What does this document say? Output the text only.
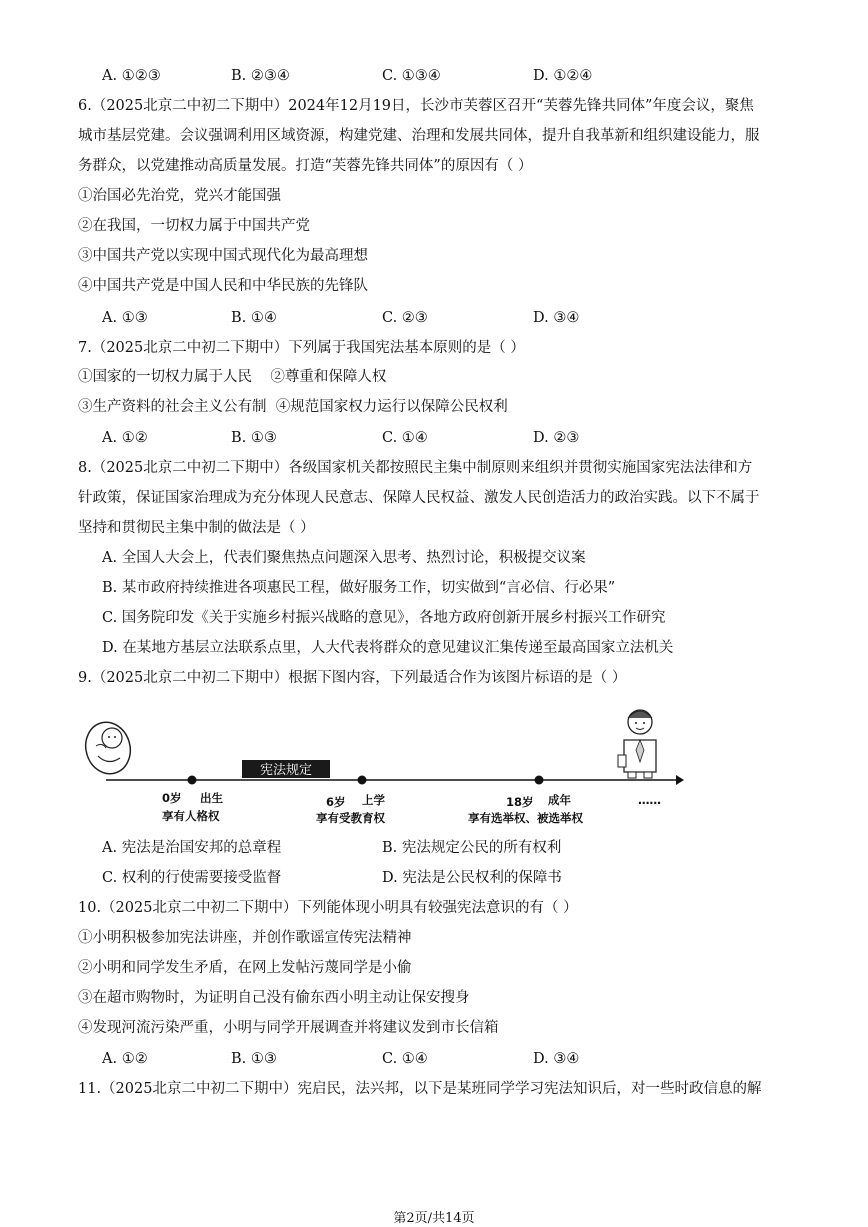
A. ①②③	B. ②③④	C. ①③④	D. ①②④
6.（2025北京二中初二下期中）2024年12月19日，长沙市芙蓉区召开“芙蓉先锋共同体”年度会议，聚焦
城市基层党建。会议强调利用区域资源，构建党建、治理和发展共同体，提升自我革新和组织建设能力，服
务群众，以党建推动高质量发展。打造“芙蓉先锋共同体”的原因有（ ）
①治国必先治党，党兴才能国强
②在我国，一切权力属于中国共产党
③中国共产党以实现中国式现代化为最高理想
④中国共产党是中国人民和中华民族的先锋队
A. ①③	B. ①④	C. ②③	D. ③④
7.（2025北京二中初二下期中）下列属于我国宪法基本原则的是（ ）
①国家的一切权力属于人民    ②尊重和保障人权
③生产资料的社会主义公有制  ④规范国家权力运行以保障公民权利
A. ①②	B. ①③	C. ①④	D. ②③
8.（2025北京二中初二下期中）各级国家机关都按照民主集中制原则来组织并贯彻实施国家宪法法律和方
针政策，保证国家治理成为充分体现人民意志、保障人民权益、激发人民创造活力的政治实践。以下不属于
坚持和贯彻民主集中制的做法是（ ）
A. 全国人大会上，代表们聚焦热点问题深入思考、热烈讨论，积极提交议案
B. 某市政府持续推进各项惠民工程，做好服务工作，切实做到“言必信、行必果”
C. 国务院印发《关于实施乡村振兴战略的意见》，各地方政府创新开展乡村振兴工作研究
D. 在某地方基层立法联系点里，人大代表将群众的意见建议汇集传递至最高国家立法机关
9.（2025北京二中初二下期中）根据下图内容，下列最适合作为该图片标语的是（ ）
宪法规定
0岁 出生
享有人格权
6岁 上学
享有受教育权
18岁 成年
享有选举权、被选举权
……
A. 宪法是治国安邦的总章程	B. 宪法规定公民的所有权利
C. 权利的行使需要接受监督	D. 宪法是公民权利的保障书
10.（2025北京二中初二下期中）下列能体现小明具有较强宪法意识的有（ ）
①小明积极参加宪法讲座，并创作歌谣宣传宪法精神
②小明和同学发生矛盾，在网上发帖污蔑同学是小偷
③在超市购物时，为证明自己没有偷东西小明主动让保安搜身
④发现河流污染严重，小明与同学开展调查并将建议发到市长信箱
A. ①②	B. ①③	C. ①④	D. ③④
11.（2025北京二中初二下期中）宪启民，法兴邦，以下是某班同学学习宪法知识后，对一些时政信息的解
第2页/共14页
